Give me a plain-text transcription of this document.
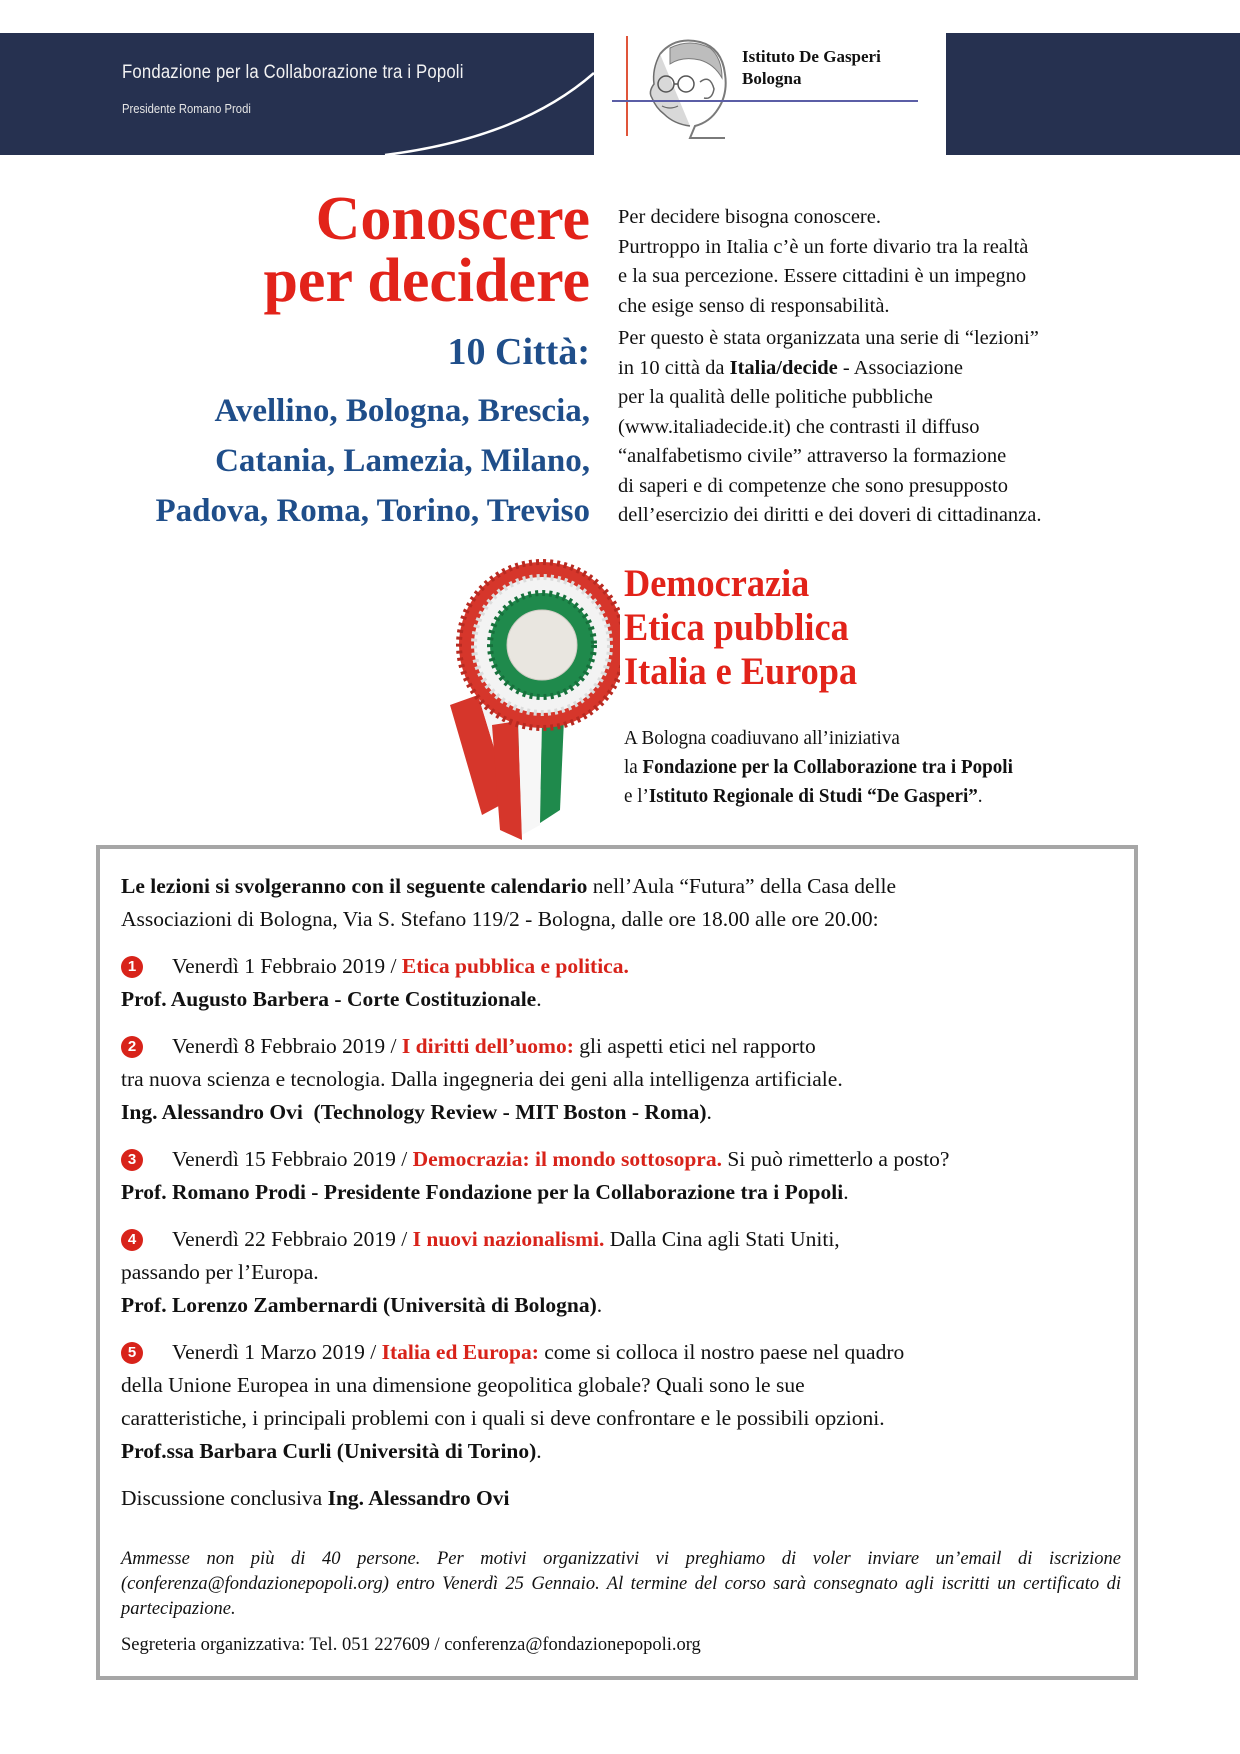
Fondazione per la Collaborazione tra i Popoli
Presidente Romano Prodi
Istituto De Gasperi
Bologna
Conoscere
per decidere
10 Città:
Avellino, Bologna, Brescia,
Catania, Lamezia, Milano,
Padova, Roma, Torino, Treviso

Per decidere bisogna conoscere.

Purtroppo in Italia c’è un forte divario tra la realtà

e la sua percezione. Essere cittadini è un impegno

che esige senso di responsabilità.

Per questo è stata organizzata una serie di “lezioni”

in 10 città da Italia/decide - Associazione

per la qualità delle politiche pubbliche

(www.italiadecide.it) che contrasti il diffuso

“analfabetismo civile” attraverso la formazione

di saperi e di competenze che sono presupposto

dell’esercizio dei diritti e dei doveri di cittadinanza.

Democrazia
Etica pubblica
Italia e Europa
A Bologna coadiuvano all’iniziativa
la Fondazione per la Collaborazione tra i Popoli
e l’Istituto Regionale di Studi “De Gasperi”.

Le lezioni si svolgeranno con il seguente calendario nell’Aula “Futura” della Casa delle

Associazioni di Bologna, Via S. Stefano 119/2 - Bologna, dalle ore 18.00 alle ore 20.00:

1 Venerdì 1 Febbraio 2019 / Etica pubblica e politica.

Prof. Augusto Barbera - Corte Costituzionale.

2 Venerdì 8 Febbraio 2019 / I diritti dell’uomo: gli aspetti etici nel rapporto

tra nuova scienza e tecnologia. Dalla ingegneria dei geni alla intelligenza artificiale.

Ing. Alessandro Ovi  (Technology Review - MIT Boston - Roma).

3 Venerdì 15 Febbraio 2019 / Democrazia: il mondo sottosopra. Si può rimetterlo a posto?

Prof. Romano Prodi - Presidente Fondazione per la Collaborazione tra i Popoli.

4 Venerdì 22 Febbraio 2019 / I nuovi nazionalismi. Dalla Cina agli Stati Uniti,

passando per l’Europa.

Prof. Lorenzo Zambernardi (Università di Bologna).

5 Venerdì 1 Marzo 2019 / Italia ed Europa: come si colloca il nostro paese nel quadro

della Unione Europea in una dimensione geopolitica globale? Quali sono le sue

caratteristiche, i principali problemi con i quali si deve confrontare e le possibili opzioni.

Prof.ssa Barbara Curli (Università di Torino).

Discussione conclusiva Ing. Alessandro Ovi

Ammesse non più di 40 persone. Per motivi organizzativi vi preghiamo di voler inviare un’email di iscrizione (conferenza@fondazionepopoli.org) entro Venerdì 25 Gennaio. Al termine del corso sarà consegnato agli iscritti un certificato di partecipazione.
Segreteria organizzativa: Tel. 051 227609 / conferenza@fondazionepopoli.org
